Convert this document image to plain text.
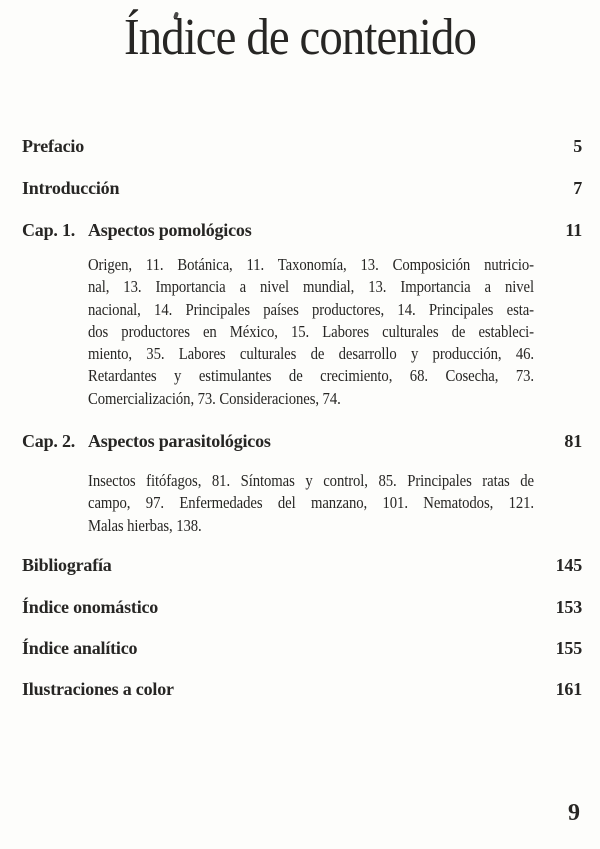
Índice de contenido
Prefacio	5
Introducción	7
Cap. 1. Aspectos pomológicos	11
Origen, 11. Botánica, 11. Taxonomía, 13. Composición nutricio-
nal, 13. Importancia a nivel mundial, 13. Importancia a nivel
nacional, 14. Principales países productores, 14. Principales esta-
dos productores en México, 15. Labores culturales de estableci-
miento, 35. Labores culturales de desarrollo y producción, 46.
Retardantes y estimulantes de crecimiento, 68. Cosecha, 73.
Comercialización, 73. Consideraciones, 74.
Cap. 2. Aspectos parasitológicos	81
Insectos fitófagos, 81. Síntomas y control, 85. Principales ratas de
campo, 97. Enfermedades del manzano, 101. Nematodos, 121.
Malas hierbas, 138.
Bibliografía	145
Índice onomástico	153
Índice analítico	155
Ilustraciones a color	161
9
